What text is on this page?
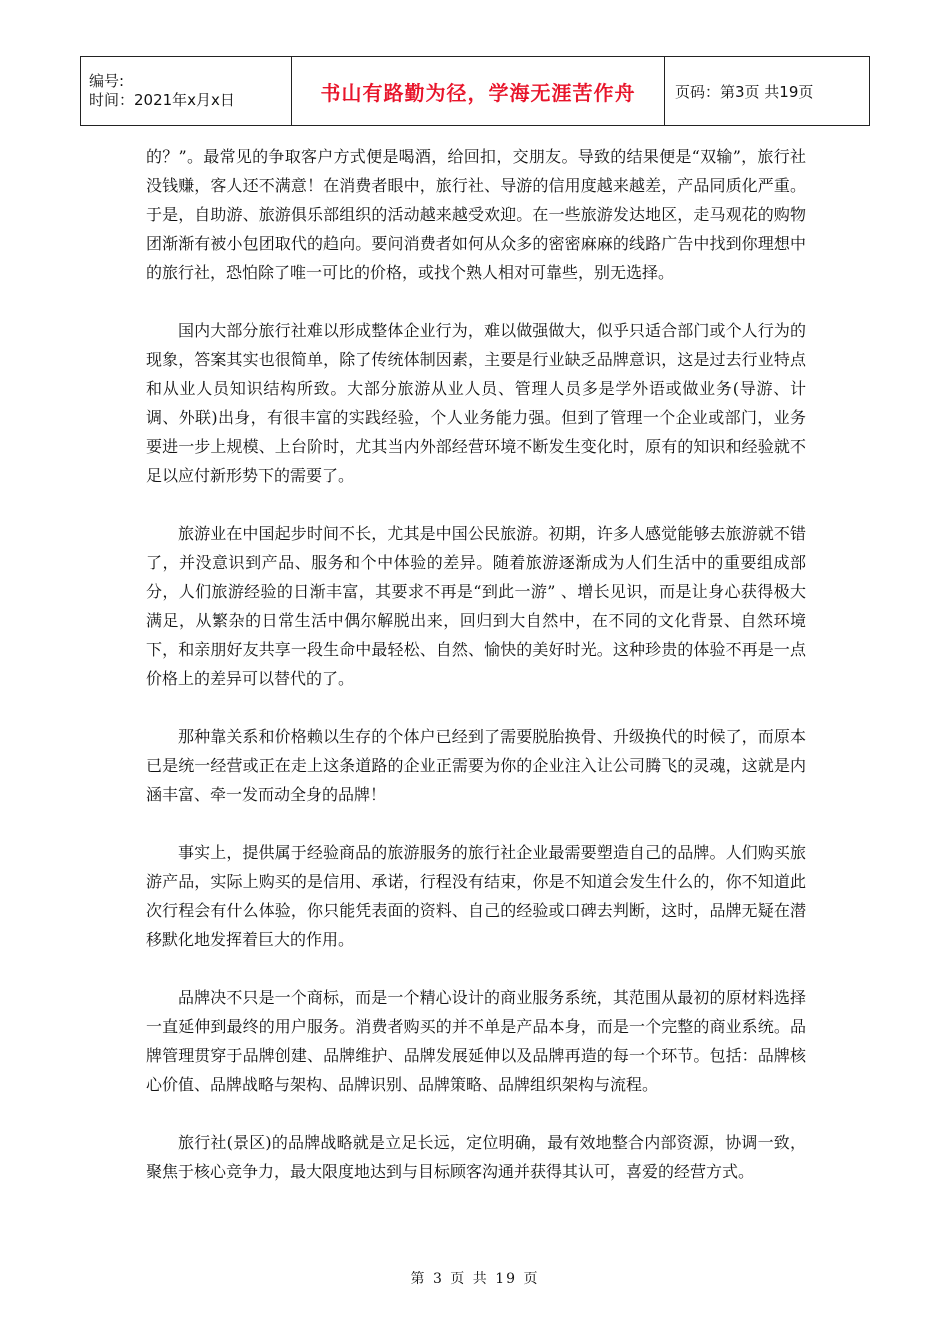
编号:
时间：2021年x月x日	书山有路勤为径，学海无涯苦作舟	页码：第3页 共19页

的？”。最常见的争取客户方式便是喝酒，给回扣，交朋友。导致的结果便是“双输”，旅行社没钱赚，客人还不满意！在消费者眼中，旅行社、导游的信用度越来越差，产品同质化严重。于是，自助游、旅游俱乐部组织的活动越来越受欢迎。在一些旅游发达地区，走马观花的购物团渐渐有被小包团取代的趋向。要问消费者如何从众多的密密麻麻的线路广告中找到你理想中的旅行社，恐怕除了唯一可比的价格，或找个熟人相对可靠些，别无选择。

国内大部分旅行社难以形成整体企业行为，难以做强做大，似乎只适合部门或个人行为的现象，答案其实也很简单，除了传统体制因素，主要是行业缺乏品牌意识，这是过去行业特点和从业人员知识结构所致。大部分旅游从业人员、管理人员多是学外语或做业务(导游、计调、外联)出身，有很丰富的实践经验，个人业务能力强。但到了管理一个企业或部门，业务要进一步上规模、上台阶时，尤其当内外部经营环境不断发生变化时，原有的知识和经验就不足以应付新形势下的需要了。

旅游业在中国起步时间不长，尤其是中国公民旅游。初期，许多人感觉能够去旅游就不错了，并没意识到产品、服务和个中体验的差异。随着旅游逐渐成为人们生活中的重要组成部分，人们旅游经验的日渐丰富，其要求不再是“到此一游” 、增长见识，而是让身心获得极大满足，从繁杂的日常生活中偶尔解脱出来，回归到大自然中，在不同的文化背景、自然环境下，和亲朋好友共享一段生命中最轻松、自然、愉快的美好时光。这种珍贵的体验不再是一点价格上的差异可以替代的了。

那种靠关系和价格赖以生存的个体户已经到了需要脱胎换骨、升级换代的时候了，而原本已是统一经营或正在走上这条道路的企业正需要为你的企业注入让公司腾飞的灵魂，这就是内涵丰富、牵一发而动全身的品牌！

事实上，提供属于经验商品的旅游服务的旅行社企业最需要塑造自己的品牌。人们购买旅游产品，实际上购买的是信用、承诺，行程没有结束，你是不知道会发生什么的，你不知道此次行程会有什么体验，你只能凭表面的资料、自己的经验或口碑去判断，这时，品牌无疑在潜移默化地发挥着巨大的作用。

品牌决不只是一个商标，而是一个精心设计的商业服务系统，其范围从最初的原材料选择一直延伸到最终的用户服务。消费者购买的并不单是产品本身，而是一个完整的商业系统。品牌管理贯穿于品牌创建、品牌维护、品牌发展延伸以及品牌再造的每一个环节。包括：品牌核心价值、品牌战略与架构、品牌识别、品牌策略、品牌组织架构与流程。

旅行社(景区)的品牌战略就是立足长远，定位明确，最有效地整合内部资源，协调一致，聚焦于核心竞争力，最大限度地达到与目标顾客沟通并获得其认可，喜爱的经营方式。

第 3 页 共 19 页
